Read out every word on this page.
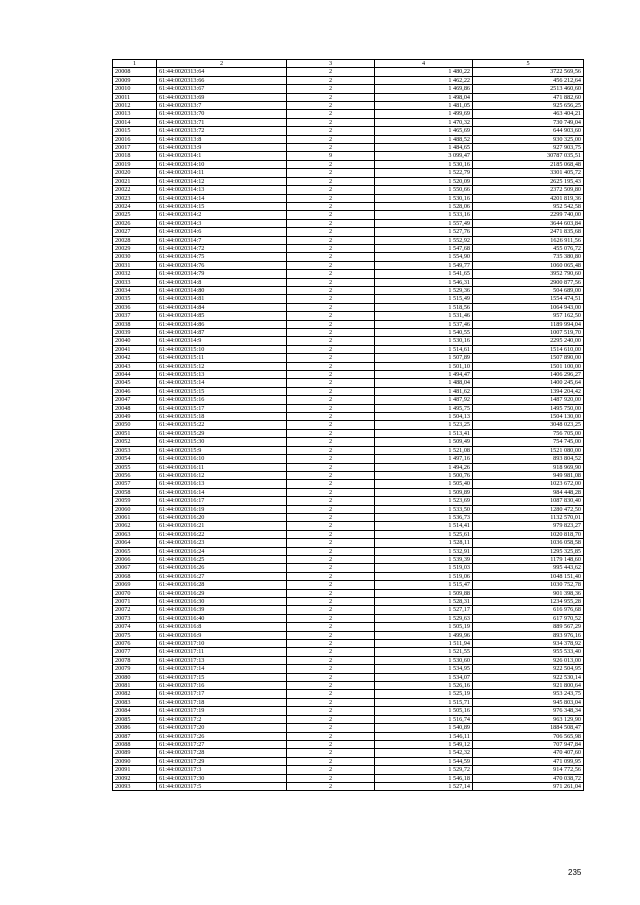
1	2	3	4	5
20008	61:44:0020313:64	2	1 480,22	3722 569,56
20009	61:44:0020313:66	2	1 462,22	456 212,64
20010	61:44:0020313:67	2	1 469,86	2513 460,60
20011	61:44:0020313:69	2	1 498,04	471 882,60
20012	61:44:0020313:7	2	1 481,05	925 656,25
20013	61:44:0020313:70	2	1 499,69	463 404,21
20014	61:44:0020313:71	2	1 470,32	730 749,04
20015	61:44:0020313:72	2	1 465,69	644 903,60
20016	61:44:0020313:8	2	1 488,52	930 325,00
20017	61:44:0020313:9	2	1 484,65	927 903,75
20018	61:44:0020314:1	9	3 099,47	30787 035,51
20019	61:44:0020314:10	2	1 530,16	2185 068,48
20020	61:44:0020314:11	2	1 522,79	3301 405,72
20021	61:44:0020314:12	2	1 520,09	2625 195,43
20022	61:44:0020314:13	2	1 550,66	2372 509,80
20023	61:44:0020314:14	2	1 530,16	4201 819,36
20024	61:44:0020314:15	2	1 528,06	952 542,58
20025	61:44:0020314:2	2	1 533,16	2299 740,00
20026	61:44:0020314:3	2	1 557,49	3644 603,84
20027	61:44:0020314:6	2	1 527,76	2471 835,68
20028	61:44:0020314:7	2	1 552,92	1626 911,56
20029	61:44:0020314:72	2	1 547,68	455 076,72
20030	61:44:0020314:75	2	1 554,90	735 380,80
20031	61:44:0020314:76	2	1 549,77	1060 065,48
20032	61:44:0020314:79	2	1 541,65	3952 790,60
20033	61:44:0020314:8	2	1 546,31	2900 877,56
20034	61:44:0020314:80	2	1 529,36	504 689,00
20035	61:44:0020314:81	2	1 515,49	1554 474,51
20036	61:44:0020314:84	2	1 518,56	1064 943,00
20037	61:44:0020314:85	2	1 531,46	957 162,50
20038	61:44:0020314:86	2	1 537,46	1189 994,04
20039	61:44:0020314:87	2	1 540,55	1007 519,70
20040	61:44:0020314:9	2	1 530,16	2295 240,00
20041	61:44:0020315:10	2	1 514,61	1514 610,00
20042	61:44:0020315:11	2	1 507,89	1507 890,00
20043	61:44:0020315:12	2	1 501,10	1501 100,00
20044	61:44:0020315:13	2	1 494,47	1406 296,27
20045	61:44:0020315:14	2	1 488,04	1400 245,64
20046	61:44:0020315:15	2	1 481,62	1394 204,42
20047	61:44:0020315:16	2	1 487,92	1487 920,00
20048	61:44:0020315:17	2	1 495,75	1495 750,00
20049	61:44:0020315:18	2	1 504,13	1504 130,00
20050	61:44:0020315:22	2	1 523,25	3048 023,25
20051	61:44:0020315:29	2	1 513,41	756 705,00
20052	61:44:0020315:30	2	1 509,49	754 745,00
20053	61:44:0020315:9	2	1 521,08	1521 080,00
20054	61:44:0020316:10	2	1 497,16	893 804,52
20055	61:44:0020316:11	2	1 494,26	918 969,90
20056	61:44:0020316:12	2	1 500,76	949 981,08
20057	61:44:0020316:13	2	1 505,40	1023 672,00
20058	61:44:0020316:14	2	1 509,89	984 448,28
20059	61:44:0020316:17	2	1 523,69	1087 830,40
20060	61:44:0020316:19	2	1 533,50	1280 472,50
20061	61:44:0020316:20	2	1 536,73	1132 570,01
20062	61:44:0020316:21	2	1 514,41	979 823,27
20063	61:44:0020316:22	2	1 525,61	1020 818,70
20064	61:44:0020316:23	2	1 528,11	1036 058,58
20065	61:44:0020316:24	2	1 532,91	1295 325,85
20066	61:44:0020316:25	2	1 539,39	1179 148,60
20067	61:44:0020316:26	2	1 519,03	995 443,62
20068	61:44:0020316:27	2	1 519,06	1048 151,40
20069	61:44:0020316:28	2	1 515,47	1030 752,78
20070	61:44:0020316:29	2	1 509,88	901 398,36
20071	61:44:0020316:30	2	1 528,31	1234 955,28
20072	61:44:0020316:39	2	1 527,17	616 976,68
20073	61:44:0020316:40	2	1 529,63	617 970,52
20074	61:44:0020316:8	2	1 505,19	889 567,29
20075	61:44:0020316:9	2	1 499,96	893 976,16
20076	61:44:0020317:10	2	1 511,94	934 378,92
20077	61:44:0020317:11	2	1 521,55	955 533,40
20078	61:44:0020317:13	2	1 530,60	926 013,00
20079	61:44:0020317:14	2	1 534,95	922 504,95
20080	61:44:0020317:15	2	1 534,07	922 530,14
20081	61:44:0020317:16	2	1 526,16	921 800,64
20082	61:44:0020317:17	2	1 525,19	953 243,75
20083	61:44:0020317:18	2	1 515,71	945 803,04
20084	61:44:0020317:19	2	1 505,16	976 348,34
20085	61:44:0020317:2	2	1 516,74	963 129,90
20086	61:44:0020317:20	2	1 540,89	1884 508,47
20087	61:44:0020317:26	2	1 546,11	706 565,98
20088	61:44:0020317:27	2	1 549,12	707 947,84
20089	61:44:0020317:28	2	1 542,32	470 407,60
20090	61:44:0020317:29	2	1 544,59	471 099,95
20091	61:44:0020317:3	2	1 529,72	914 772,56
20092	61:44:0020317:30	2	1 546,18	470 038,72
20093	61:44:0020317:5	2	1 527,14	971 261,04
235
